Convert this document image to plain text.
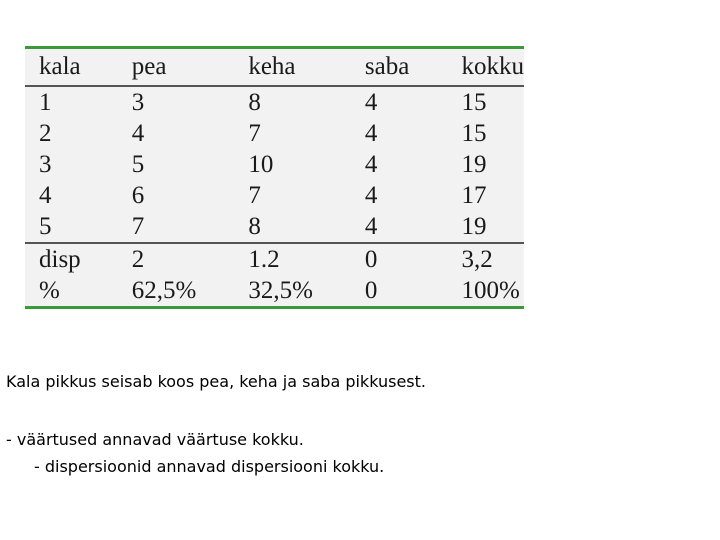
kala	pea	keha	saba	kokku
1	3	8	4	15
2	4	7	4	15
3	5	10	4	19
4	6	7	4	17
5	7	8	4	19
disp	2	1.2	0	3,2
%	62,5%	32,5%	0	100%
Kala pikkus seisab koos pea, keha ja saba pikkusest.
- väärtused annavad väärtuse kokku.
- dispersioonid annavad dispersiooni kokku.
